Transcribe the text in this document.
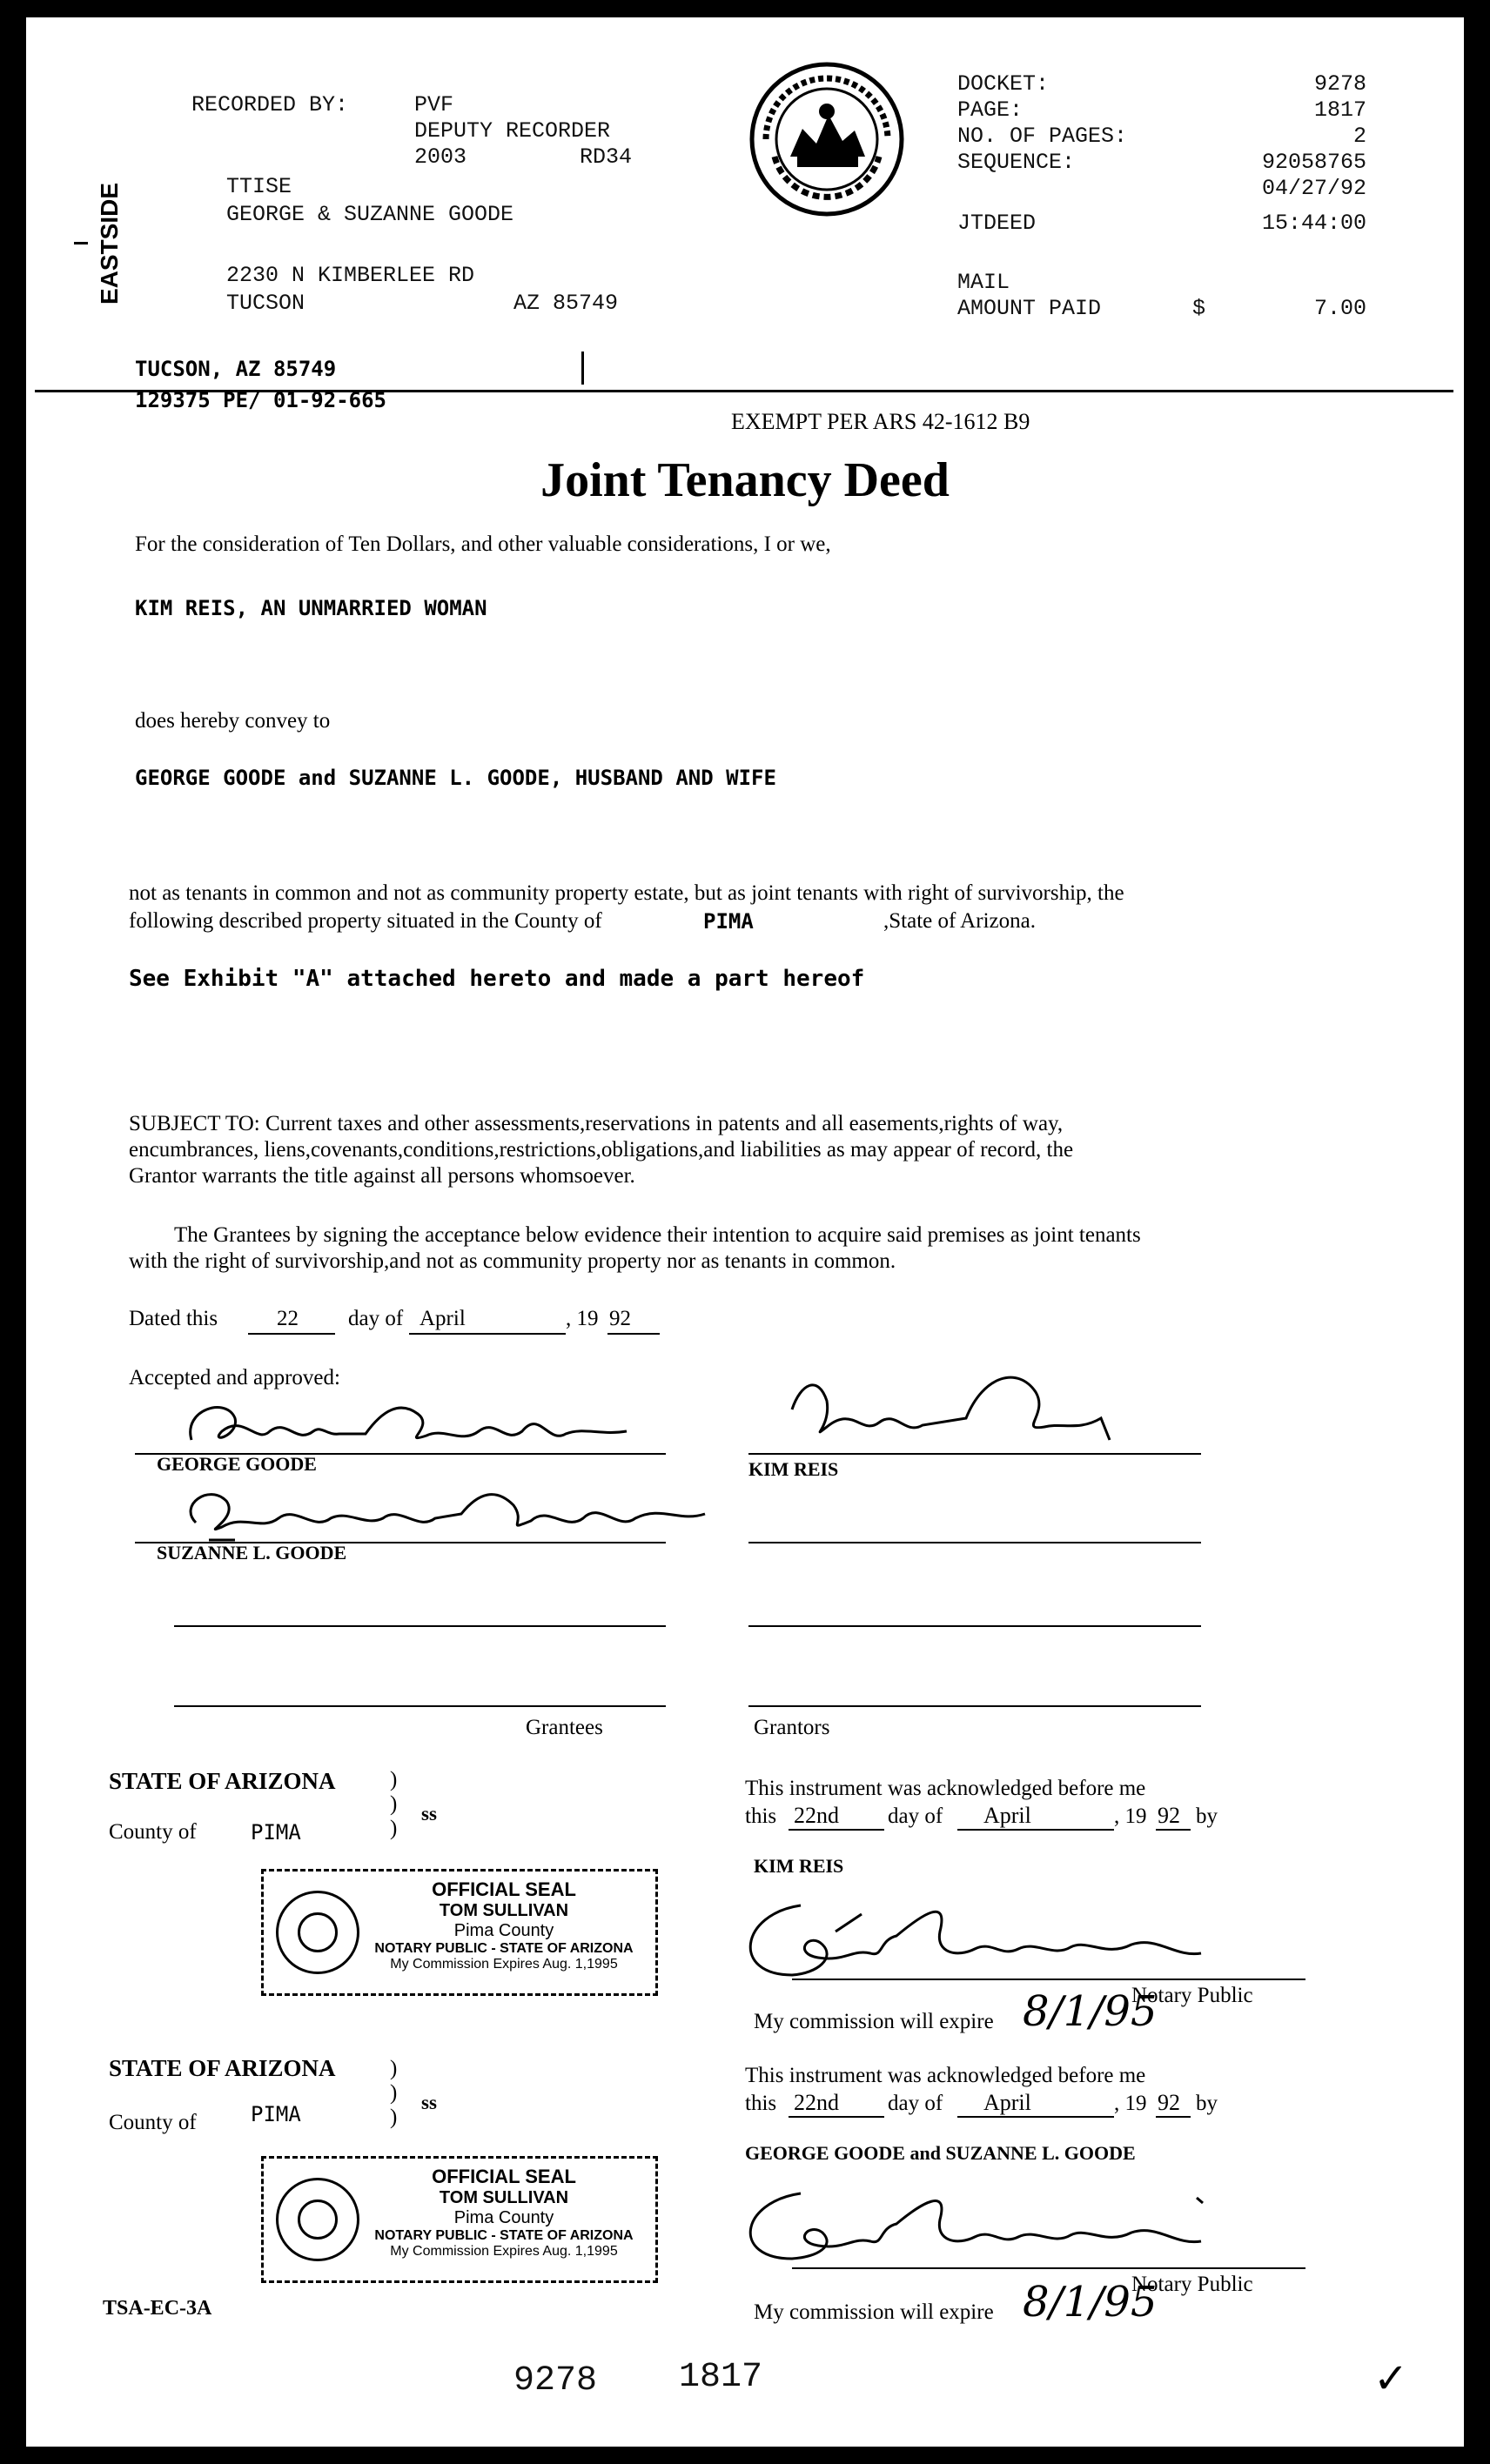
RECORDED BY:	PVF
DEPUTY RECORDER
2003	RD34
TTISE
GEORGE & SUZANNE GOODE
2230 N KIMBERLEE RD
TUCSON	AZ 85749
EASTSIDE
DOCKET:	9278
PAGE:	1817
NO. OF PAGES:	2
SEQUENCE:	92058765
04/27/92
JTDEED	15:44:00
MAIL
AMOUNT PAID	$	7.00
TUCSON, AZ 85749
129375 PE/ 01-92-665
EXEMPT PER ARS 42-1612 B9
Joint Tenancy Deed
For the consideration of Ten Dollars, and other valuable considerations, I or we,
KIM REIS, AN UNMARRIED WOMAN
does hereby convey to
GEORGE GOODE and SUZANNE L. GOODE, HUSBAND AND WIFE
not as tenants in common and not as community property estate, but as joint tenants with right of survivorship, the
following described property situated in the County of	PIMA	,State of Arizona.
See Exhibit "A" attached hereto and made a part hereof
SUBJECT TO: Current taxes and other assessments,reservations in patents and all easements,rights of way,
encumbrances, liens,covenants,conditions,restrictions,obligations,and liabilities as may appear of record, the
Grantor warrants the title against all persons whomsoever.
The Grantees by signing the acceptance below evidence their intention to acquire said premises as joint tenants
with the right of survivorship,and not as community property nor as tenants in common.
Dated this	22 day of April	, 19 92
Accepted and approved:
GEORGE GOODE
SUZANNE L. GOODE
Grantees
KIM REIS
Grantors
STATE OF ARIZONA )
)
)
ss
County of	PIMA
This instrument was acknowledged before me
this 22nd day of April	, 19 92 by
KIM REIS
OFFICIAL SEAL
TOM SULLIVAN
Pima County
NOTARY PUBLIC - STATE OF ARIZONA
My Commission Expires Aug. 1,1995
Notary Public
My commission will expire 8/1/95
STATE OF ARIZONA )
)
)
ss
County of	PIMA
This instrument was acknowledged before me
this 22nd day of April	, 19 92 by
GEORGE GOODE and SUZANNE L. GOODE
OFFICIAL SEAL
TOM SULLIVAN
Pima County
NOTARY PUBLIC - STATE OF ARIZONA
My Commission Expires Aug. 1,1995
Notary Public
My commission will expire 8/1/95
TSA-EC-3A
9278 1817	✓
